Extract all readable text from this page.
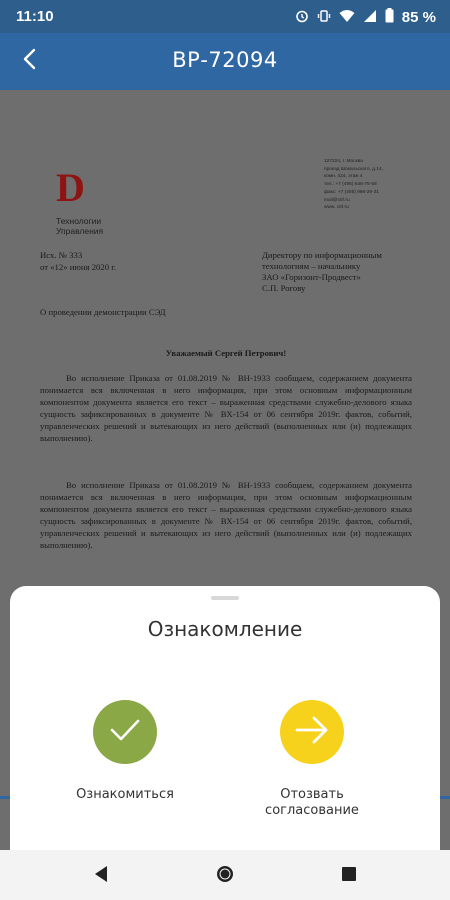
11:10	85 %
ВР-72094
D
Технологии
Управления
127224, г. Москва
проезд Шокальского, д.14,
комн. 424, этаж 4
тел.: +7 (495) 646-75-58
факс: +7 (495) 966-29-31
mail@ctrl.ru
www. ctrl.ru
Исх. № 333
от «12» июня 2020 г.
Директору по информационным
технологиям – начальнику
ЗАО «Горизонт-Продвест»
С.П. Рогову
О проведении демонстрации СЭД
Уважаемый Сергей Петрович!

Во исполнение Приказа от 01.08.2019 № ВН-1933 сообщаем, содержанием документа понимается вся включенная в него информация, при этом основным информационным компонентом документа является его текст – выраженная средствами служебно-делового языка сущность зафиксированных в документе № ВХ-154 от 06 сентября 2019г. фактов, событий, управленческих решений и вытекающих из него действий (выполненных или (и) подлежащих выполнению).

Во исполнение Приказа от 01.08.2019 № ВН-1933 сообщаем, содержанием документа понимается вся включенная в него информация, при этом основным информационным компонентом документа является его текст – выраженная средствами служебно-делового языка сущность зафиксированных в документе № ВХ-154 от 06 сентября 2019г. фактов, событий, управленческих решений и вытекающих из него действий (выполненных или (и) подлежащих выполнению).

Ознакомление
Ознакомиться	Отозвать
согласование
